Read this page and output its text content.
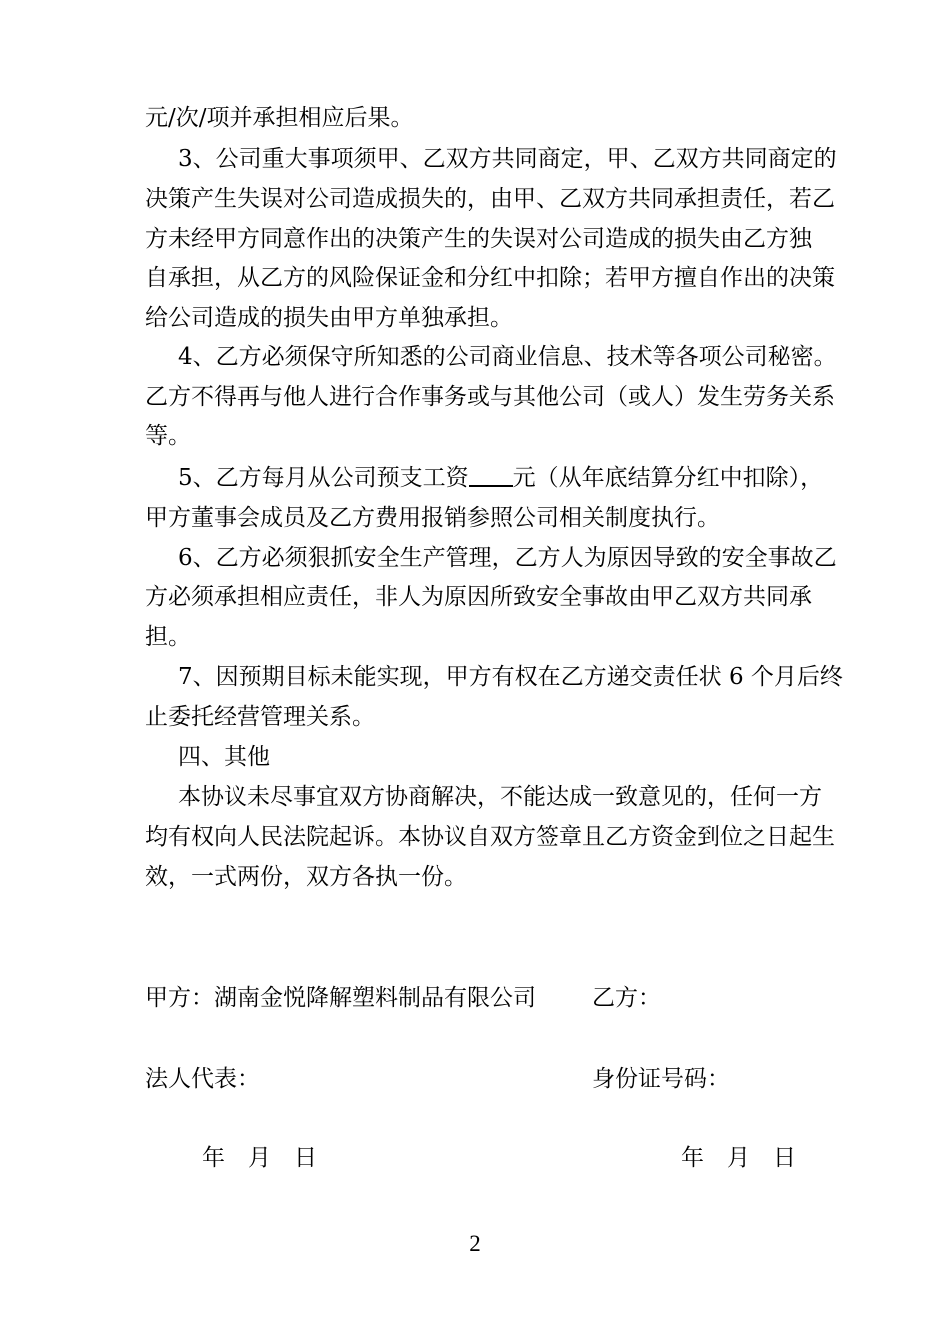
元/次/项并承担相应后果。
3、公司重大事项须甲、乙双方共同商定，甲、乙双方共同商定的
决策产生失误对公司造成损失的，由甲、乙双方共同承担责任，若乙
方未经甲方同意作出的决策产生的失误对公司造成的损失由乙方独
自承担，从乙方的风险保证金和分红中扣除；若甲方擅自作出的决策
给公司造成的损失由甲方单独承担。
4、乙方必须保守所知悉的公司商业信息、技术等各项公司秘密。
乙方不得再与他人进行合作事务或与其他公司（或人）发生劳务关系
等。
5、乙方每月从公司预支工资 元（从年底结算分红中扣除），
甲方董事会成员及乙方费用报销参照公司相关制度执行。
6、乙方必须狠抓安全生产管理，乙方人为原因导致的安全事故乙
方必须承担相应责任，非人为原因所致安全事故由甲乙双方共同承
担。
7、因预期目标未能实现，甲方有权在乙方递交责任状 6 个月后终
止委托经营管理关系。
四、其他
本协议未尽事宜双方协商解决，不能达成一致意见的，任何一方
均有权向人民法院起诉。本协议自双方签章且乙方资金到位之日起生
效，一式两份，双方各执一份。
甲方：湖南金悦降解塑料制品有限公司 乙方：
法人代表：	身份证号码：
年　月　日	年　月　日
2
